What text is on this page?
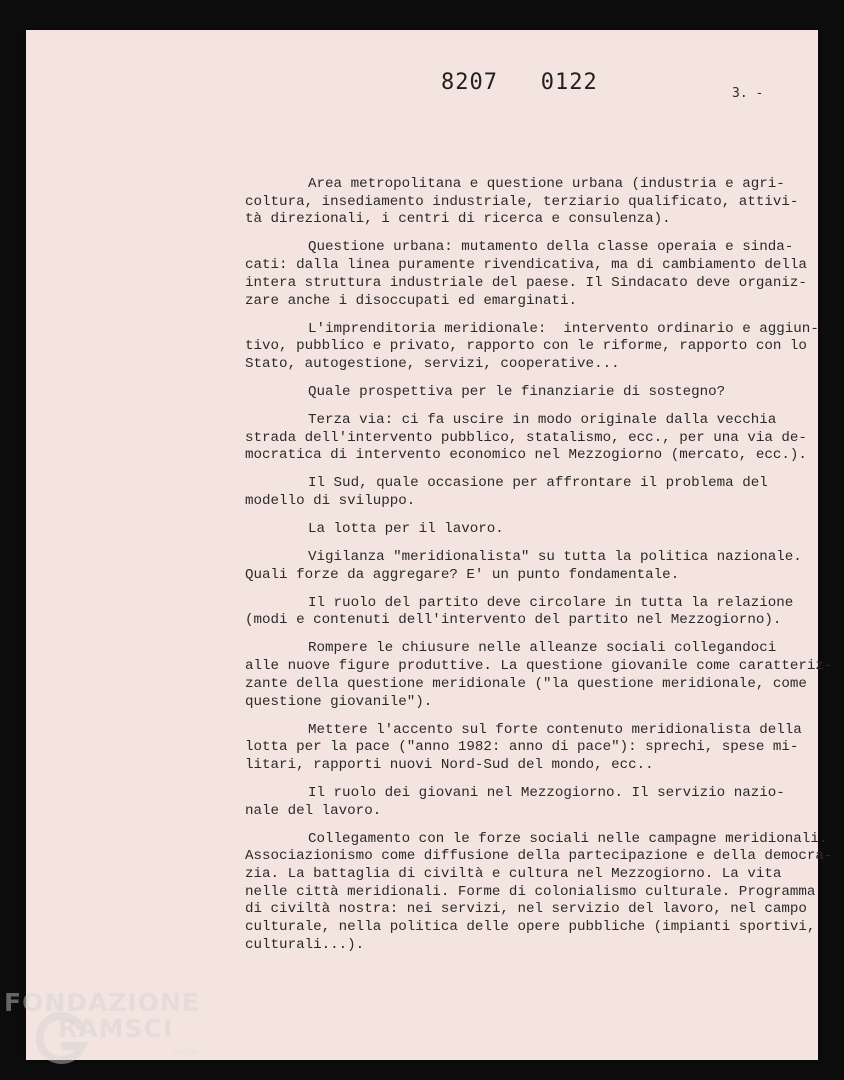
8207   0122	3. -
Area metropolitana e questione urbana (industria e agri-
coltura, insediamento industriale, terziario qualificato, attivi-
tà direzionali, i centri di ricerca e consulenza).
Questione urbana: mutamento della classe operaia e sinda-
cati: dalla linea puramente rivendicativa, ma di cambiamento della
intera struttura industriale del paese. Il Sindacato deve organiz-
zare anche i disoccupati ed emarginati.
L'imprenditoria meridionale:  intervento ordinario e aggiun-
tivo, pubblico e privato, rapporto con le riforme, rapporto con lo
Stato, autogestione, servizi, cooperative...
Quale prospettiva per le finanziarie di sostegno?
Terza via: ci fa uscire in modo originale dalla vecchia
strada dell'intervento pubblico, statalismo, ecc., per una via de-
mocratica di intervento economico nel Mezzogiorno (mercato, ecc.).
Il Sud, quale occasione per affrontare il problema del
modello di sviluppo.
La lotta per il lavoro.
Vigilanza "meridionalista" su tutta la politica nazionale.
Quali forze da aggregare? E' un punto fondamentale.
Il ruolo del partito deve circolare in tutta la relazione
(modi e contenuti dell'intervento del partito nel Mezzogiorno).
Rompere le chiusure nelle alleanze sociali collegandoci
alle nuove figure produttive. La questione giovanile come caratteriz-
zante della questione meridionale ("la questione meridionale, come
questione giovanile").
Mettere l'accento sul forte contenuto meridionalista della
lotta per la pace ("anno 1982: anno di pace"): sprechi, spese mi-
litari, rapporti nuovi Nord-Sud del mondo, ecc..
Il ruolo dei giovani nel Mezzogiorno. Il servizio nazio-
nale del lavoro.
Collegamento con le forze sociali nelle campagne meridionali.
Associazionismo come diffusione della partecipazione e della democra-
zia. La battaglia di civiltà e cultura nel Mezzogiorno. La vita
nelle città meridionali. Forme di colonialismo culturale. Programma
di civiltà nostra: nei servizi, nel servizio del lavoro, nel campo
culturale, nella politica delle opere pubbliche (impianti sportivi,
culturali...).
FONDAZIONE
RAMSCI
onlus
